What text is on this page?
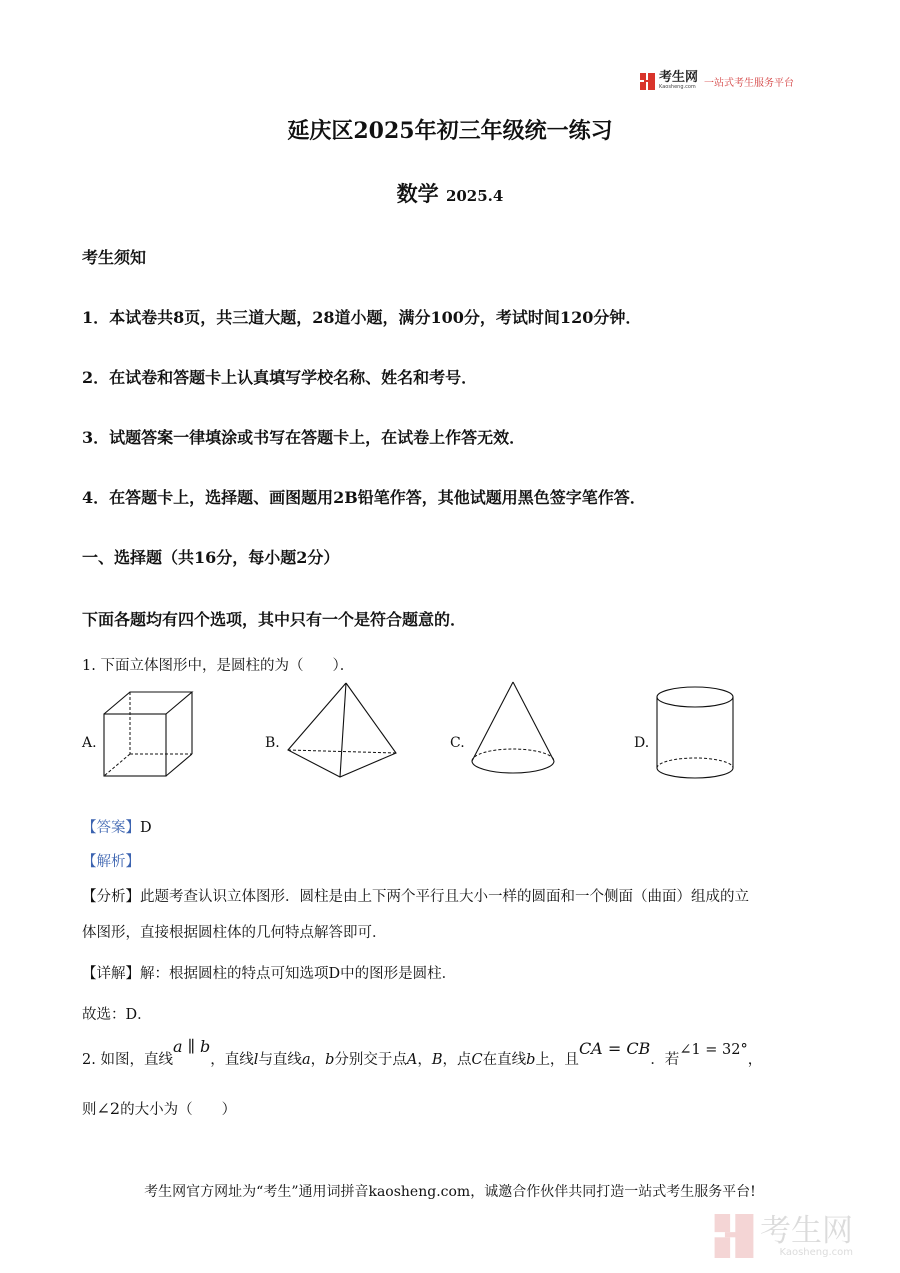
考生网
Kaosheng.com 一站式考生服务平台
延庆区2025年初三年级统一练习
数学 2025.4
考生须知
1．本试卷共8页，共三道大题，28道小题，满分100分，考试时间120分钟．
2．在试卷和答题卡上认真填写学校名称、姓名和考号．
3．试题答案一律填涂或书写在答题卡上，在试卷上作答无效．
4．在答题卡上，选择题、画图题用2B铅笔作答，其他试题用黑色签字笔作答．
一、选择题（共16分，每小题2分）
下面各题均有四个选项，其中只有一个是符合题意的．
1. 下面立体图形中，是圆柱的为（　　）．
A.	B.	C.	D.
【答案】D
【解析】
【分析】此题考查认识立体图形．圆柱是由上下两个平行且大小一样的圆面和一个侧面（曲面）组成的立
体图形，直接根据圆柱体的几何特点解答即可．
【详解】解：根据圆柱的特点可知选项D中的图形是圆柱．
故选：D．
2. 如图，直线a ∥ b，直线l与直线a，b分别交于点A，B，点C在直线b上，且CA = CB．若∠1 = 32°，
则∠2的大小为（　　）
考生网官方网址为“考生”通用词拼音kaosheng.com，诚邀合作伙伴共同打造一站式考生服务平台!
考生网
Kaosheng.com
